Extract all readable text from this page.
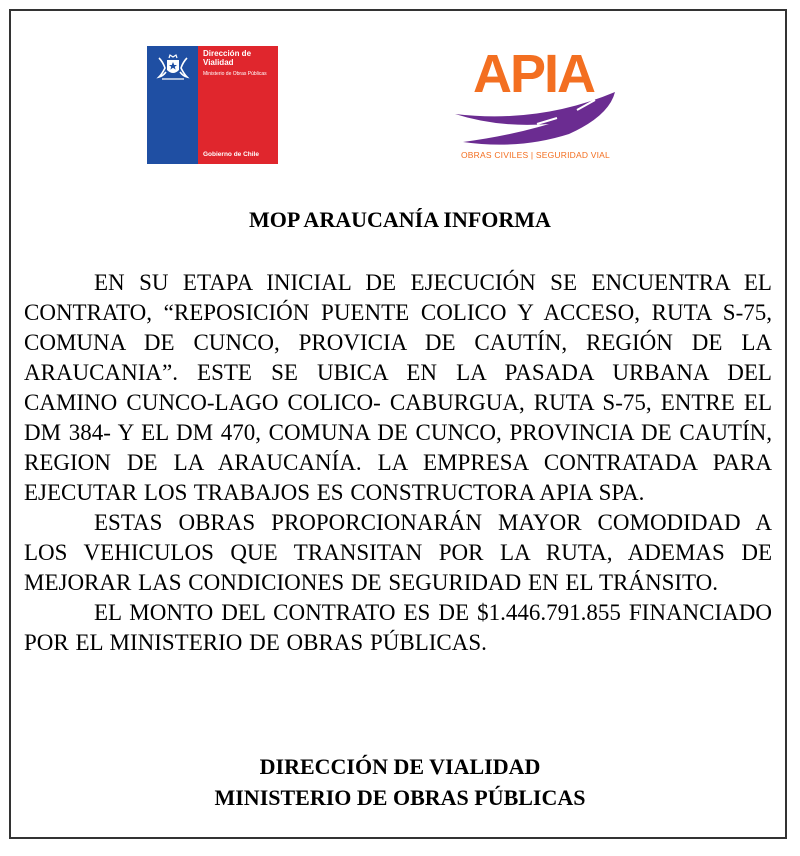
Dirección de
Vialidad
Ministerio de Obras Públicas
Gobierno de Chile
APIA
OBRAS CIVILES | SEGURIDAD VIAL
MOP ARAUCANÍA INFORMA

EN SU ETAPA INICIAL DE EJECUCIÓN SE ENCUENTRA EL CONTRATO, “REPOSICIÓN PUENTE COLICO Y ACCESO, RUTA S-75, COMUNA DE CUNCO, PROVICIA DE CAUTÍN, REGIÓN DE LA ARAUCANIA”. ESTE SE UBICA EN LA PASADA URBANA DEL CAMINO CUNCO-LAGO COLICO- CABURGUA, RUTA S-75, ENTRE EL DM 384- Y EL DM 470, COMUNA DE CUNCO, PROVINCIA DE CAUTÍN, REGION DE LA ARAUCANÍA. LA EMPRESA CONTRATADA PARA EJECUTAR LOS TRABAJOS ES CONSTRUCTORA APIA SPA.

ESTAS OBRAS PROPORCIONARÁN MAYOR COMODIDAD A LOS VEHICULOS QUE TRANSITAN POR LA RUTA, ADEMAS DE MEJORAR LAS CONDICIONES DE SEGURIDAD EN EL TRÁNSITO.

EL MONTO DEL CONTRATO ES DE $1.446.791.855 FINANCIADO POR EL MINISTERIO DE OBRAS PÚBLICAS.

DIRECCIÓN DE VIALIDAD
MINISTERIO DE OBRAS PÚBLICAS
